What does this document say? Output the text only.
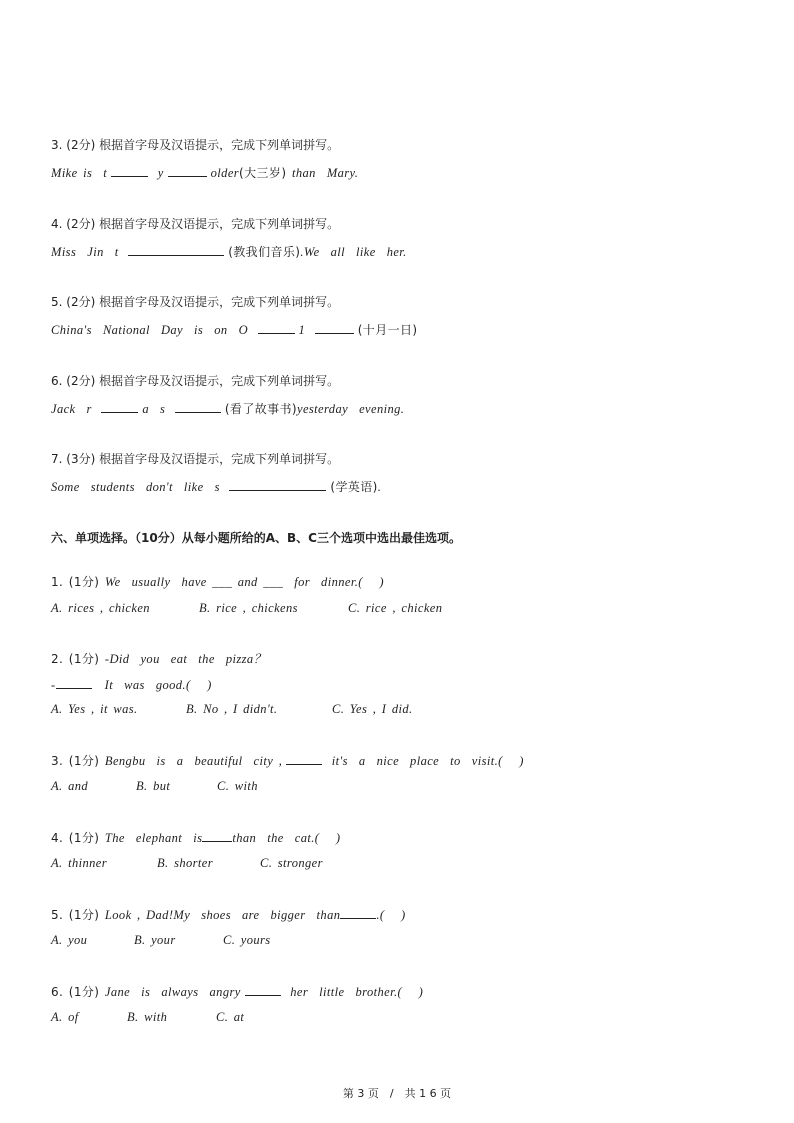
3. (2分) 根据首字母及汉语提示，完成下列单词拼写。
Mike is  t	y	older(大三岁) than  Mary.
4. (2分) 根据首字母及汉语提示，完成下列单词拼写。
Miss  Jin  t	(教我们音乐).We  all  like  her.
5. (2分) 根据首字母及汉语提示，完成下列单词拼写。
China's  National  Day  is  on  O	1	(十月一日)
6. (2分) 根据首字母及汉语提示，完成下列单词拼写。
Jack  r	a  s	(看了故事书)yesterday  evening.
7. (3分) 根据首字母及汉语提示，完成下列单词拼写。
Some  students  don't  like  s	(学英语).
六、单项选择。（10分）从每小题所给的A、B、C三个选项中选出最佳选项。
1. (1分) We  usually  have ___ and ___  for  dinner.(   )
A. rices , chicken	B. rice , chickens	C. rice , chicken
2. (1分) -Did  you  eat  the  pizza？
-	It  was  good.(   )
A. Yes , it was.	B. No , I didn't.	C. Yes , I did.
3. (1分) Bengbu  is  a  beautiful  city ,	it's  a  nice  place  to  visit.(   )
A. and	B. but	C. with
4. (1分) The  elephant  is than  the  cat.(   )
A. thinner	B. shorter	C. stronger
5. (1分) Look , Dad!My  shoes  are  bigger  than	.(   )
A. you	B. your	C. yours
6. (1分) Jane  is  always  angry	her  little  brother.(   )
A. of	B. with	C. at
第 3 页　/　共 1 6 页
